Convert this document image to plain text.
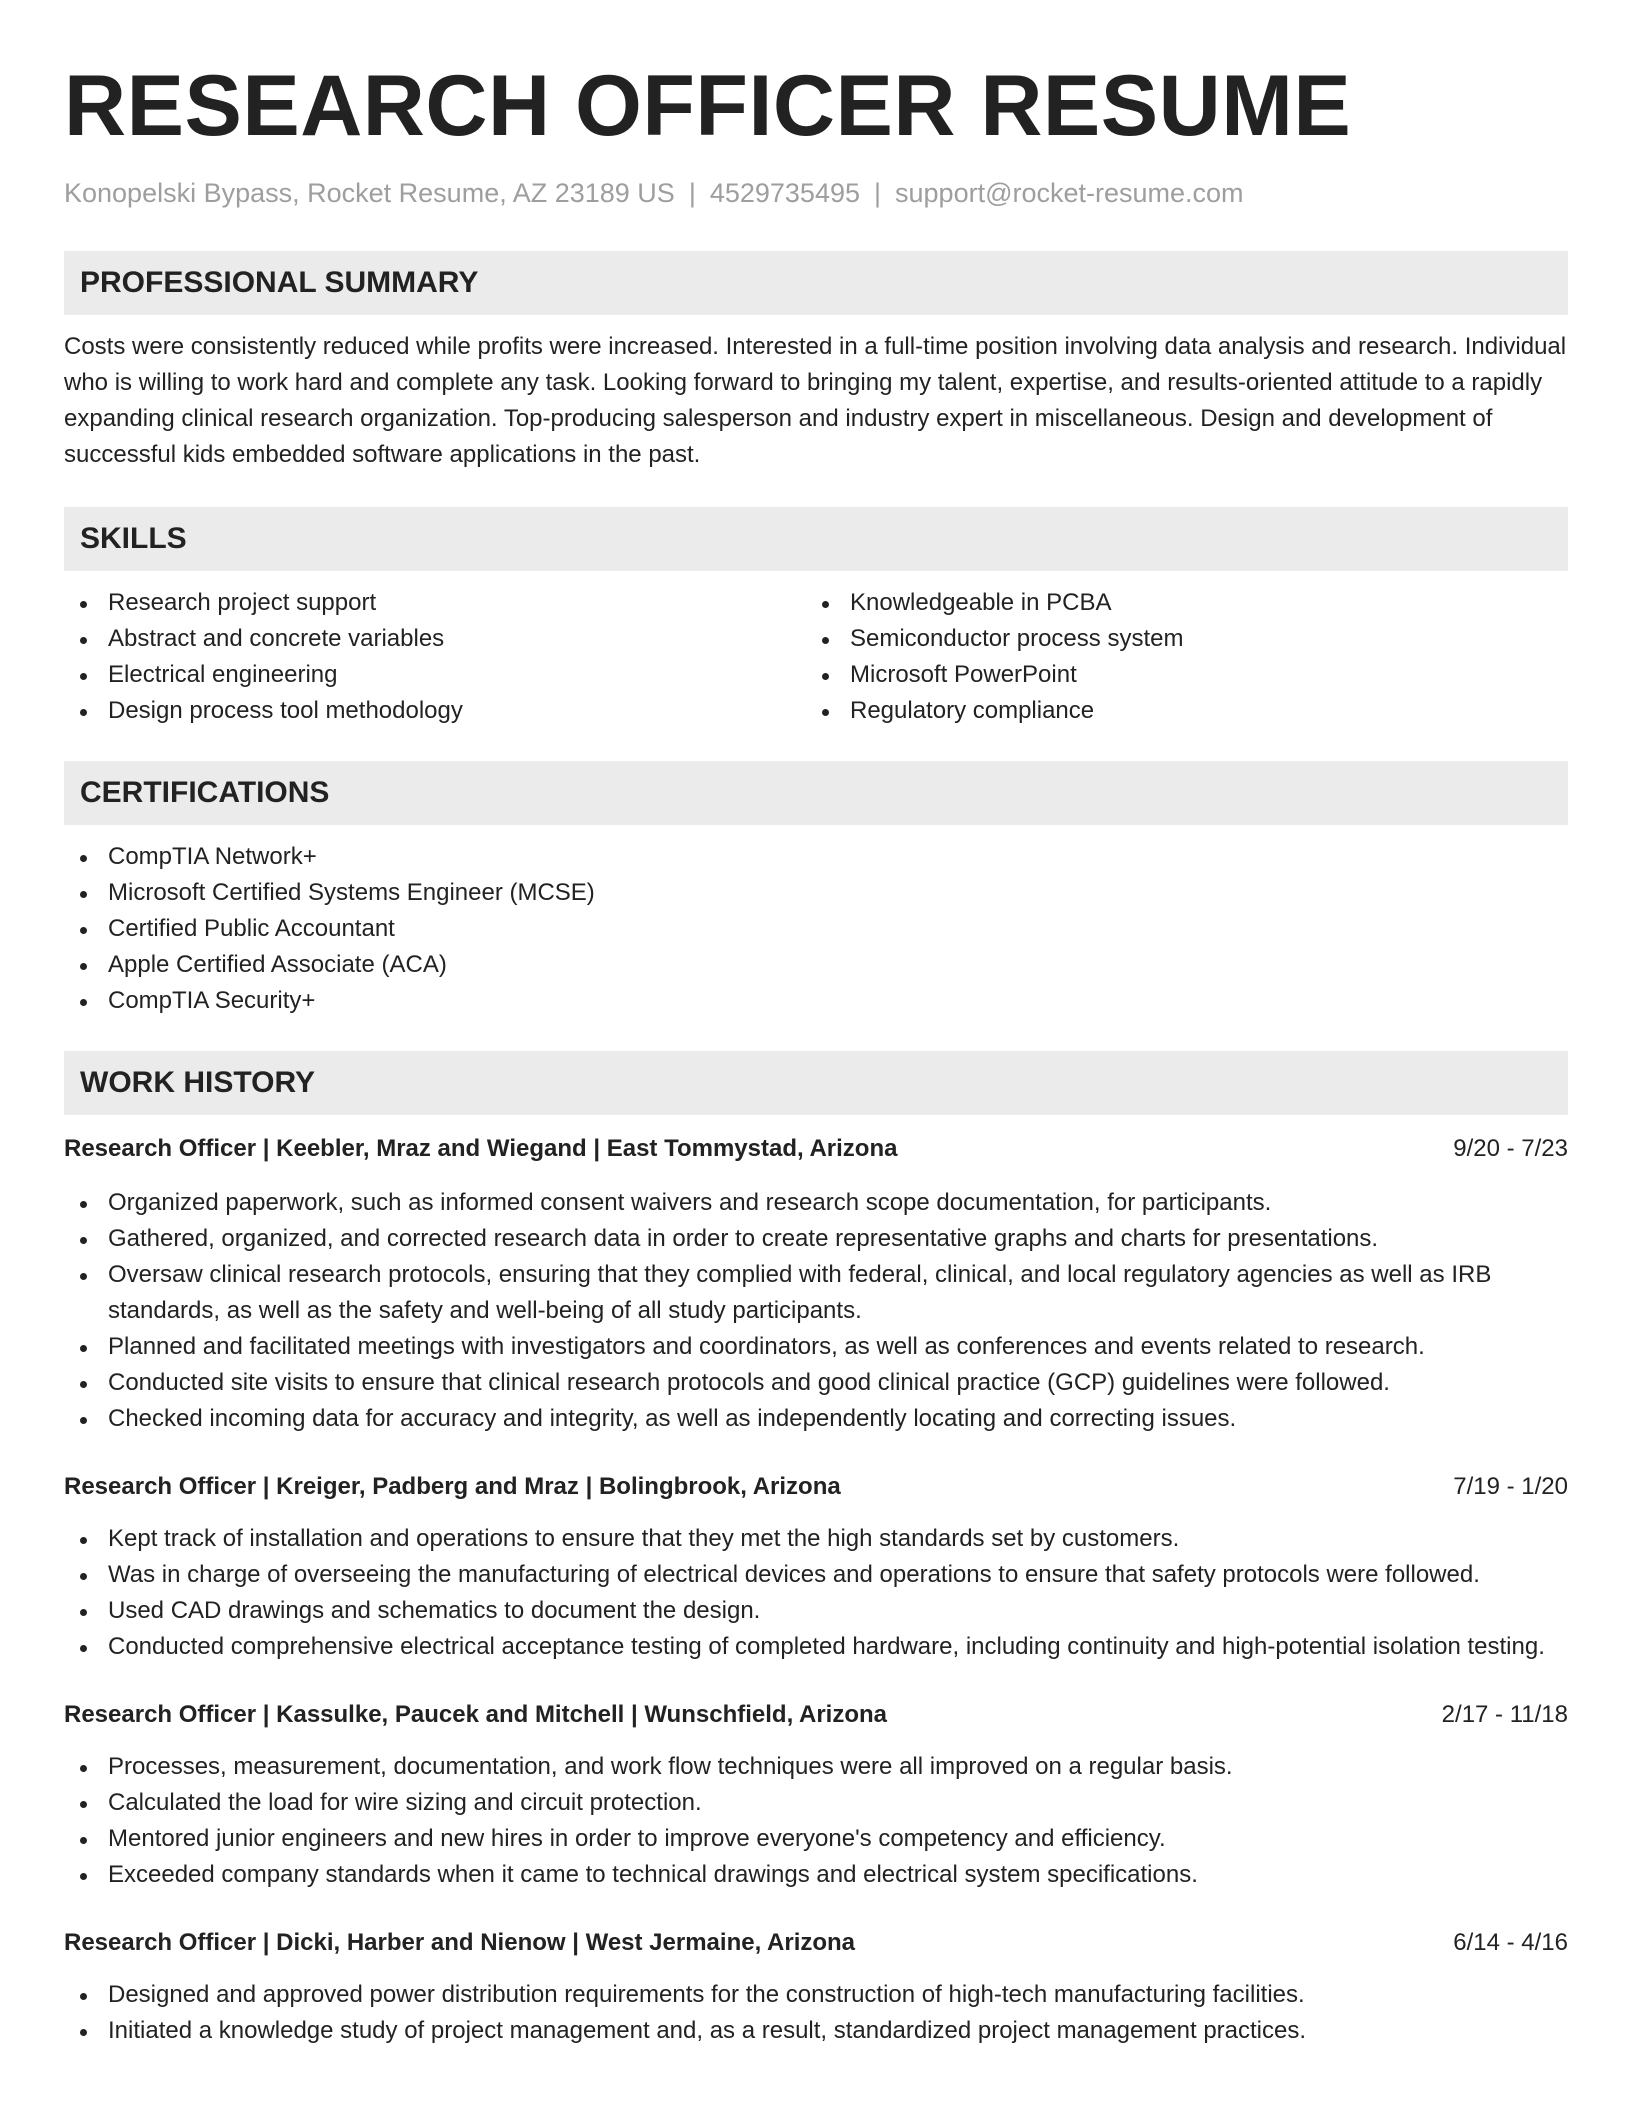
RESEARCH OFFICER RESUME
Konopelski Bypass, Rocket Resume, AZ 23189 US | 4529735495 | support@rocket-resume.com
PROFESSIONAL SUMMARY

Costs were consistently reduced while profits were increased. Interested in a full-time position involving data analysis and research. Individual who is willing to work hard and complete any task. Looking forward to bringing my talent, expertise, and results-oriented attitude to a rapidly expanding clinical research organization. Top-producing salesperson and industry expert in miscellaneous. Design and development of successful kids embedded software applications in the past.

SKILLS
Research project support
Abstract and concrete variables
Electrical engineering
Design process tool methodology
Knowledgeable in PCBA
Semiconductor process system
Microsoft PowerPoint
Regulatory compliance
CERTIFICATIONS
CompTIA Network+
Microsoft Certified Systems Engineer (MCSE)
Certified Public Accountant
Apple Certified Associate (ACA)
CompTIA Security+
WORK HISTORY
Research Officer | Keebler, Mraz and Wiegand | East Tommystad, Arizona	9/20 - 7/23
Organized paperwork, such as informed consent waivers and research scope documentation, for participants.
Gathered, organized, and corrected research data in order to create representative graphs and charts for presentations.
Oversaw clinical research protocols, ensuring that they complied with federal, clinical, and local regulatory agencies as well as IRB standards, as well as the safety and well-being of all study participants.
Planned and facilitated meetings with investigators and coordinators, as well as conferences and events related to research.
Conducted site visits to ensure that clinical research protocols and good clinical practice (GCP) guidelines were followed.
Checked incoming data for accuracy and integrity, as well as independently locating and correcting issues.
Research Officer | Kreiger, Padberg and Mraz | Bolingbrook, Arizona	7/19 - 1/20
Kept track of installation and operations to ensure that they met the high standards set by customers.
Was in charge of overseeing the manufacturing of electrical devices and operations to ensure that safety protocols were followed.
Used CAD drawings and schematics to document the design.
Conducted comprehensive electrical acceptance testing of completed hardware, including continuity and high-potential isolation testing.
Research Officer | Kassulke, Paucek and Mitchell | Wunschfield, Arizona	2/17 - 11/18
Processes, measurement, documentation, and work flow techniques were all improved on a regular basis.
Calculated the load for wire sizing and circuit protection.
Mentored junior engineers and new hires in order to improve everyone's competency and efficiency.
Exceeded company standards when it came to technical drawings and electrical system specifications.
Research Officer | Dicki, Harber and Nienow | West Jermaine, Arizona	6/14 - 4/16
Designed and approved power distribution requirements for the construction of high-tech manufacturing facilities.
Initiated a knowledge study of project management and, as a result, standardized project management practices.
